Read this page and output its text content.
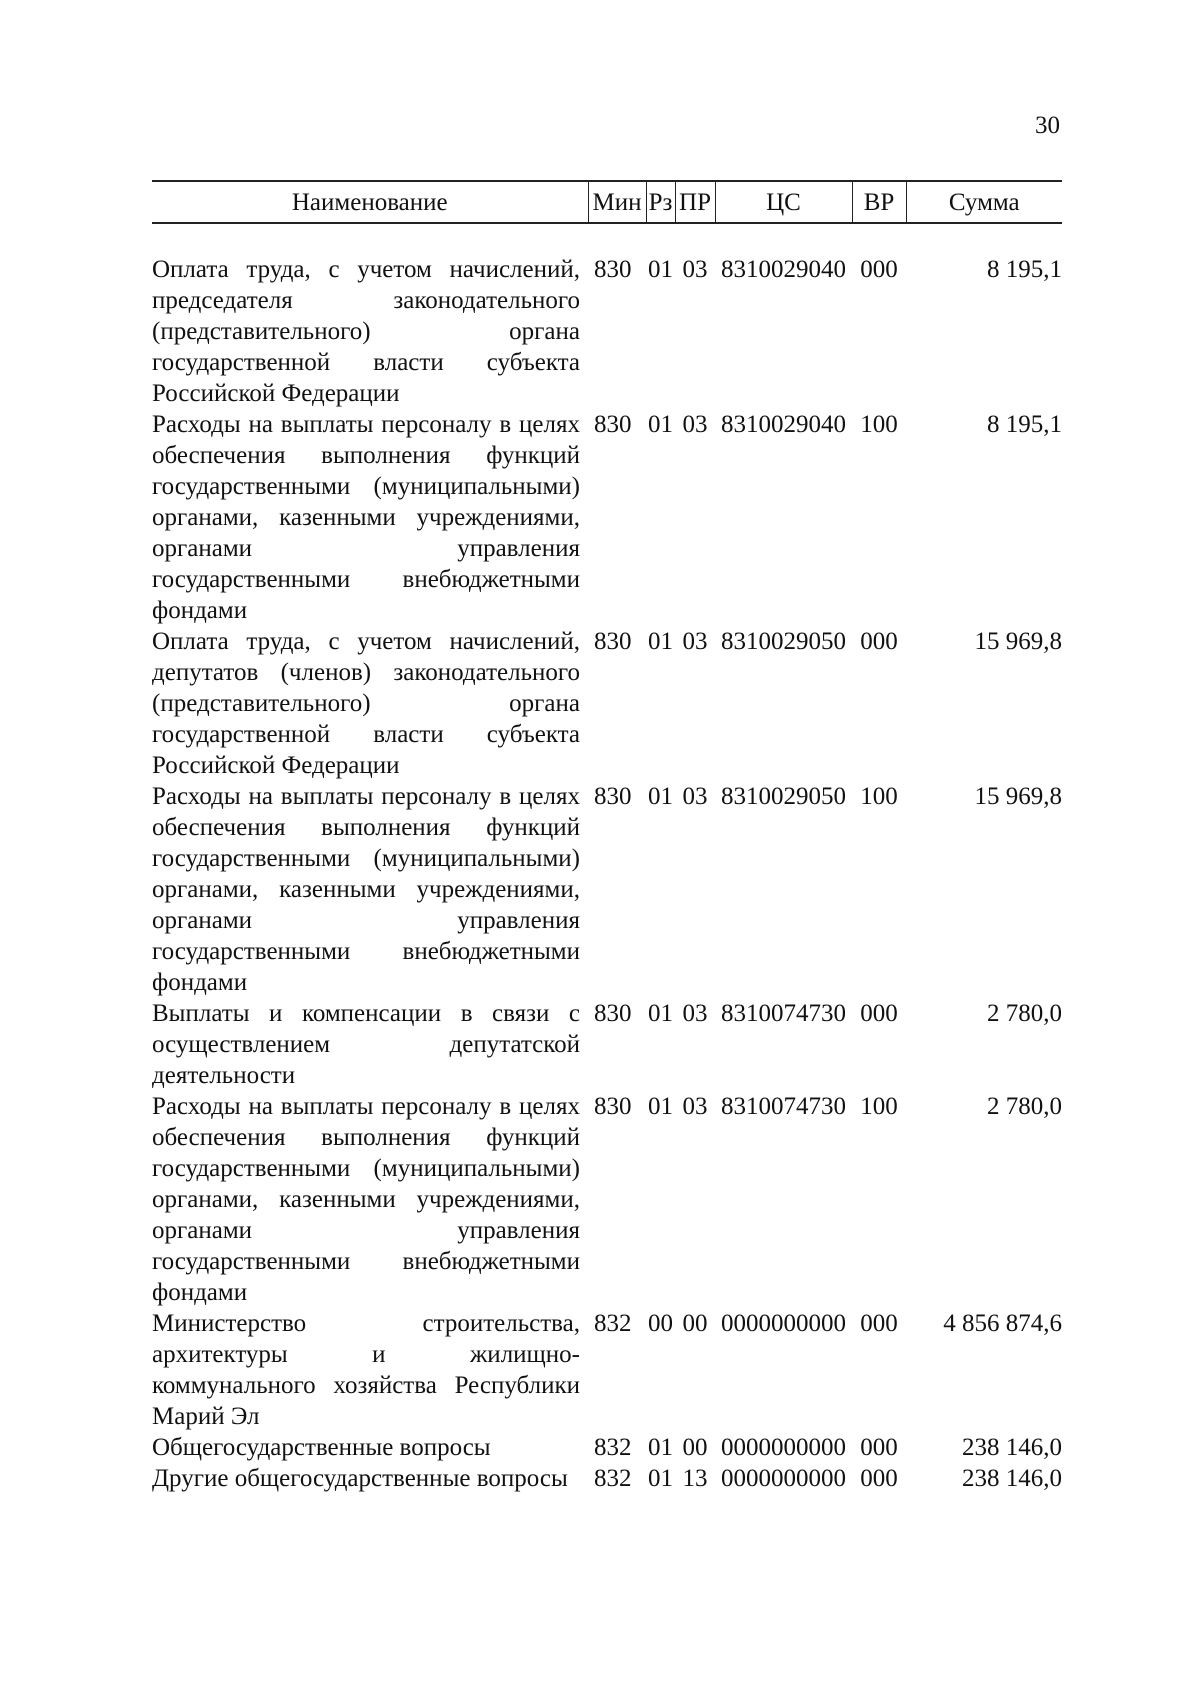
30
Наименование	Мин	Рз	ПР	ЦС	ВР	Сумма

Оплата труда, с учетом начислений, председателя законодательного (представительного) органа государственной власти субъекта Российской Федерации	830	01	03	8310029040	000	8 195,1
Расходы на выплаты персоналу в целях обеспечения выполнения функций государственными (муниципальными) органами, казенными учреждениями, органами управления государственными внебюджетными фондами	830	01	03	8310029040	100	8 195,1
Оплата труда, с учетом начислений, депутатов (членов) законодательного (представительного) органа государственной власти субъекта Российской Федерации	830	01	03	8310029050	000	15 969,8
Расходы на выплаты персоналу в целях обеспечения выполнения функций государственными (муниципальными) органами, казенными учреждениями, органами управления государственными внебюджетными фондами	830	01	03	8310029050	100	15 969,8
Выплаты и компенсации в связи с осуществлением депутатской деятельности	830	01	03	8310074730	000	2 780,0
Расходы на выплаты персоналу в целях обеспечения выполнения функций государственными (муниципальными) органами, казенными учреждениями, органами управления государственными внебюджетными фондами	830	01	03	8310074730	100	2 780,0
Министерство строительства, архитектуры и жилищно-коммунального хозяйства Республики Марий Эл	832	00	00	0000000000	000	4 856 874,6
Общегосударственные вопросы	832	01	00	0000000000	000	238 146,0
Другие общегосударственные вопросы	832	01	13	0000000000	000	238 146,0
